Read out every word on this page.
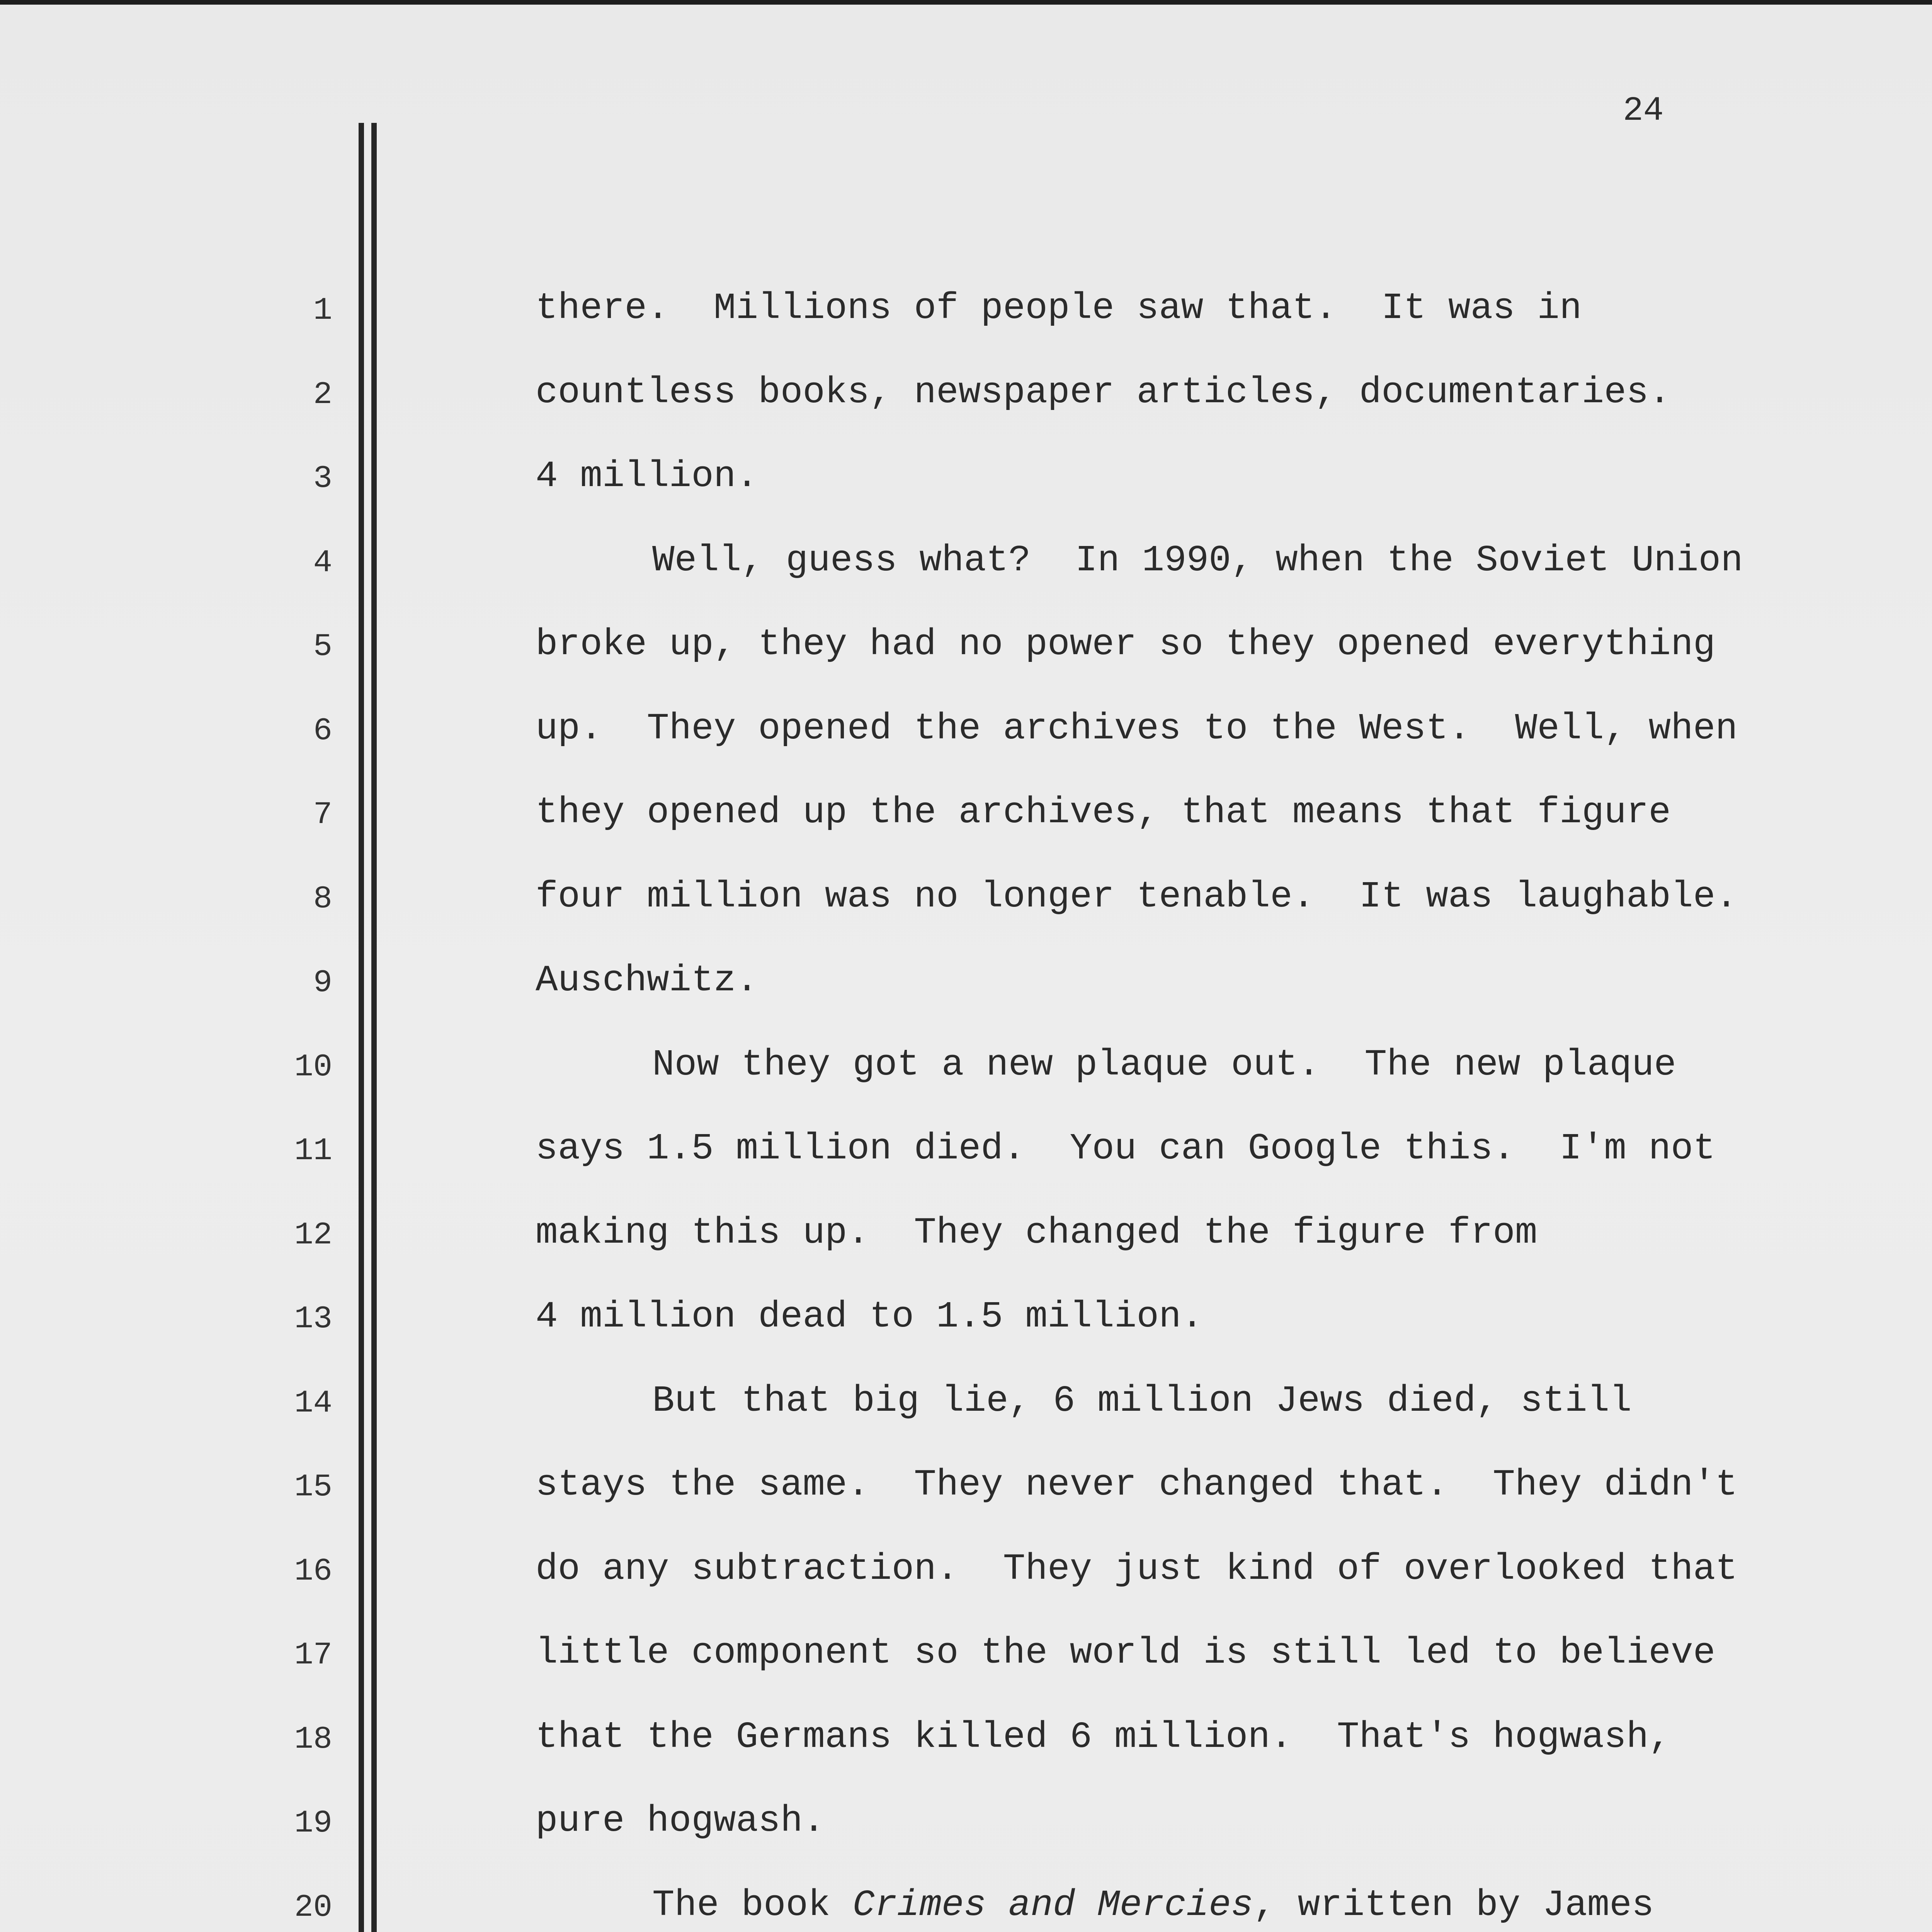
24
1
2
3
4
5
6
7
8
9
10
11
12
13
14
15
16
17
18
19
20
there.  Millions of people saw that.  It was in
countless books, newspaper articles, documentaries.
4 million.
Well, guess what?  In 1990, when the Soviet Union
broke up, they had no power so they opened everything
up.  They opened the archives to the West.  Well, when
they opened up the archives, that means that figure
four million was no longer tenable.  It was laughable.
Auschwitz.
Now they got a new plaque out.  The new plaque
says 1.5 million died.  You can Google this.  I'm not
making this up.  They changed the figure from
4 million dead to 1.5 million.
But that big lie, 6 million Jews died, still
stays the same.  They never changed that.  They didn't
do any subtraction.  They just kind of overlooked that
little component so the world is still led to believe
that the Germans killed 6 million.  That's hogwash,
pure hogwash.
The book Crimes and Mercies, written by James
